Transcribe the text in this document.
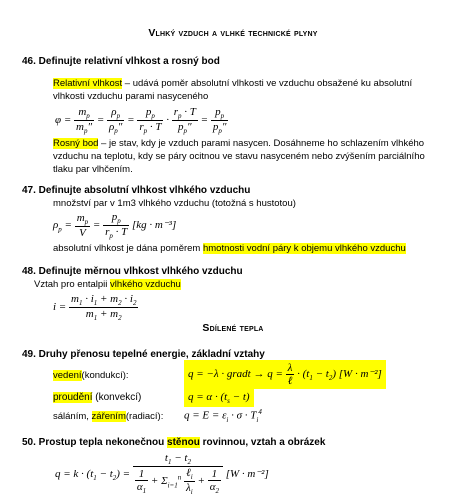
Vlhký vzduch a vlhké technické plyny
46. Definujte relativní vlhkost a rosný bod
Relativní vlhkost – udává poměr absolutní vlhkosti ve vzduchu obsažené ku absolutní
vlhkosti vzduchu parami nasyceného
$\varphi = \frac{m_p}{m_p''} = \frac{\rho_p}{\rho_p''} = \frac{p_p}{r_p \cdot T} \cdot \frac{r_p \cdot T}{p_p''} = \frac{p_p}{p_p''}$
Rosný bod – je stav, kdy je vzduch parami nasycen. Dosáhneme ho schlazením vlhkého
vzduchu na teplotu, kdy se páry ocitnou ve stavu nasyceném nebo zvýšením parciálního
tlaku par vlhčením.
47. Definujte absolutní vlhkost vlhkého vzduchu
množství par v 1m3 vlhkého vzduchu (totožná s hustotou)
$\rho_p = \frac{m_p}{V} = \frac{p_p}{r_p \cdot T} [kg \cdot m^{-3}]$
absolutní vlhkost je dána poměrem hmotnosti vodní páry k objemu vlhkého vzduchu
48. Definujte měrnou vlhkost vlhkého vzduchu
Vztah pro entalpii vlhkého vzduchu
$i = \frac{m_1 \cdot i_1 + m_2 \cdot i_2}{m_1 + m_2}$
Sdílené teplа
49. Druhy přenosu tepelné energie, základní vztahy
vedení(kondukcí):	q = −λ · gradt → $q = \frac{\lambda}{\text{ℓ}} \cdot (t_1 - t_2) [W \cdot m^{-2}]$
proudění (konvekcí)	$q = \alpha \cdot (t_s - t)$
sáláním, zářením(radiací): $q = E = \varepsilon_i \cdot \sigma \cdot T_i^4$
50. Prostup tepla nekonečnou stěnou rovinnou, vztah a obrázek
$q = k \cdot (t_1 - t_2) = \frac{t_1 - t_2}{\frac{1}{\alpha_1} + \Sigma_{i=1}^n \frac{\ell_i}{\lambda_i} + \frac{1}{\alpha_2}} [W \cdot m^{-2}]$
